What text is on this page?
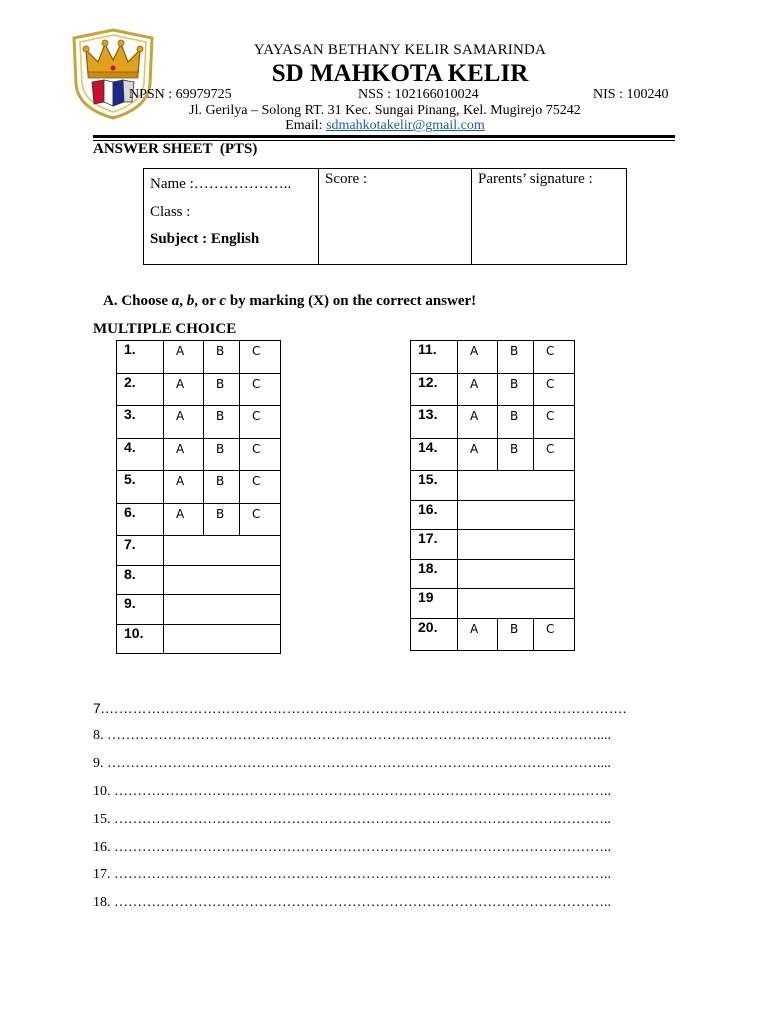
YAYASAN BETHANY KELIR SAMARINDA
SD MAHKOTA KELIR
NPSN : 69979725	NSS : 102166010024	NIS : 100240
Jl. Gerilya – Solong RT. 31 Kec. Sungai Pinang, Kel. Mugirejo 75242
Email: sdmahkotakelir@gmail.com
ANSWER SHEET  (PTS)
Name :………………..
Class :
Subject : English
	Score :	Parents’ signature :
A. Choose a, b, or c by marking (X) on the correct answer!
MULTIPLE CHOICE
1.	A	B	C
2.	A	B	C
3.	A	B	C
4.	A	B	C
5.	A	B	C
6.	A	B	C
7.			
8.			
9.			
10.			
11.	A	B	C
12.	A	B	C
13.	A	B	C
14.	A	B	C
15.			
16.			
17.			
18.			
19			
20.	A	B	C
7.………………………………………………………………………………………………….
8. ……………………………………………………………………………………………....
9. ……………………………………………………………………………………………....
10. ……………………………………………………………………………………………..
15. ……………………………………………………………………………………………..
16. ……………………………………………………………………………………………..
17. ……………………………………………………………………………………………..
18. ……………………………………………………………………………………………..
